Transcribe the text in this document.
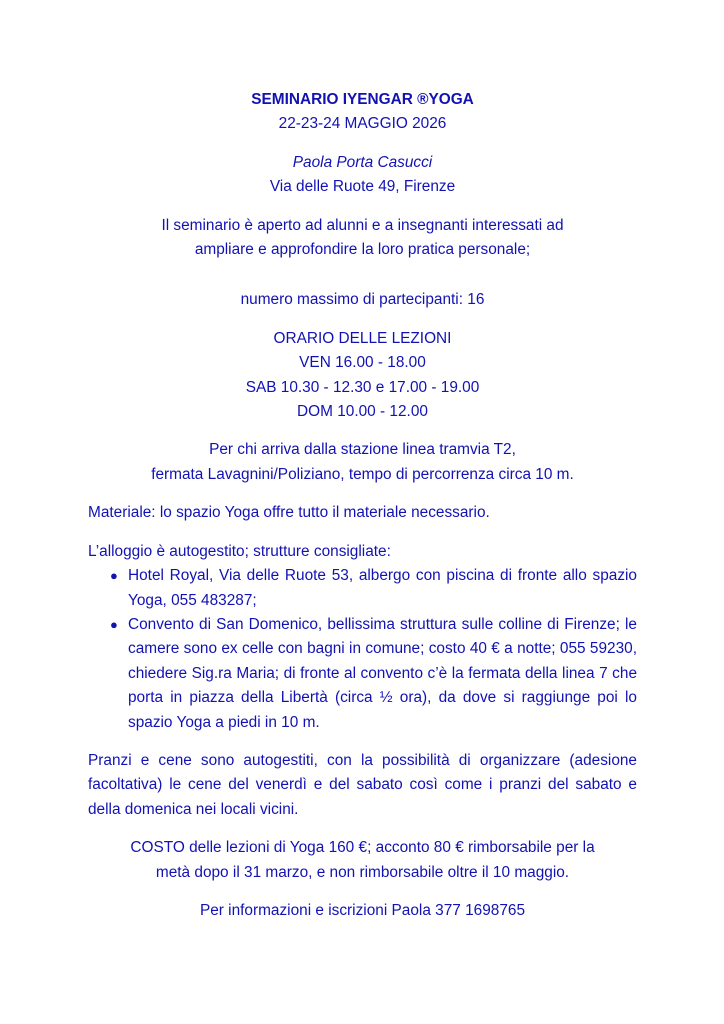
SEMINARIO IYENGAR ®YOGA

22-23-24 MAGGIO 2026

Paola Porta Casucci

Via delle Ruote 49, Firenze

Il seminario è aperto ad alunni e a insegnanti interessati ad

ampliare e approfondire la loro pratica personale;

numero massimo di partecipanti: 16

ORARIO DELLE LEZIONI

VEN 16.00 - 18.00

SAB 10.30 - 12.30 e 17.00 - 19.00

DOM 10.00 - 12.00

Per chi arriva dalla stazione linea tramvia T2,

fermata Lavagnini/Poliziano, tempo di percorrenza circa 10 m.

Materiale: lo spazio Yoga offre tutto il materiale necessario.

L’alloggio è autogestito; strutture consigliate:

● Hotel Royal, Via delle Ruote 53, albergo con piscina di fronte allo spazio Yoga, 055 483287;
● Convento di San Domenico, bellissima struttura sulle colline di Firenze; le camere sono ex celle con bagni in comune; costo 40 € a notte; 055 59230, chiedere Sig.ra Maria; di fronte al convento c’è la fermata della linea 7 che porta in piazza della Libertà (circa ½ ora), da dove si raggiunge poi lo spazio Yoga a piedi in 10 m.

Pranzi e cene sono autogestiti, con la possibilità di organizzare (adesione facoltativa) le cene del venerdì e del sabato così come i pranzi del sabato e della domenica nei locali vicini.

COSTO delle lezioni di Yoga 160 €; acconto 80 € rimborsabile per la

metà dopo il 31 marzo, e non rimborsabile oltre il 10 maggio.

Per informazioni e iscrizioni Paola 377 1698765
